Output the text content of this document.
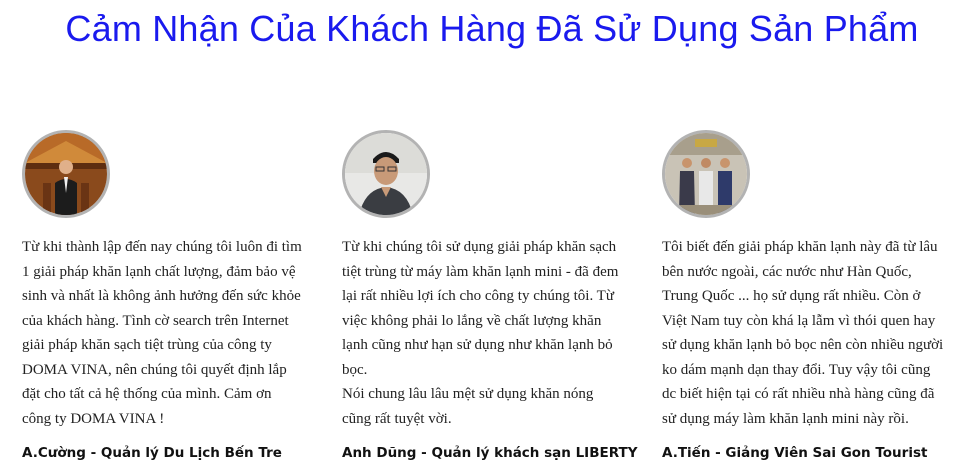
Cảm Nhận Của Khách Hàng Đã Sử Dụng Sản Phẩm
Từ khi thành lập đến nay chúng tôi luôn đi tìm
1 giải pháp khăn lạnh chất lượng, đảm bảo vệ
sinh và nhất là không ảnh hưởng đến sức khỏe
của khách hàng. Tình cờ search trên Internet
giải pháp khăn sạch tiệt trùng của công ty
DOMA VINA, nên chúng tôi quyết định lắp
đặt cho tất cả hệ thống của mình. Cảm ơn
công ty DOMA VINA !
A.Cường - Quản lý Du Lịch Bến Tre
Từ khi chúng tôi sử dụng giải pháp khăn sạch
tiệt trùng từ máy làm khăn lạnh mini - đã đem
lại rất nhiều lợi ích cho công ty chúng tôi. Từ
việc không phải lo lắng về chất lượng khăn
lạnh cũng như hạn sử dụng như khăn lạnh bỏ
bọc.
Nói chung lâu lâu mệt sử dụng khăn nóng
cũng rất tuyệt vời.
Anh Dũng - Quản lý khách sạn LIBERTY
Tôi biết đến giải pháp khăn lạnh này đã từ lâu
bên nước ngoài, các nước như Hàn Quốc,
Trung Quốc ... họ sử dụng rất nhiều. Còn ở
Việt Nam tuy còn khá lạ lẫm vì thói quen hay
sử dụng khăn lạnh bỏ bọc nên còn nhiều người
ko dám mạnh dạn thay đổi. Tuy vậy tôi cũng
dc biết hiện tại có rất nhiều nhà hàng cũng đã
sử dụng máy làm khăn lạnh mini này rồi.
A.Tiến - Giảng Viên Sai Gon Tourist
